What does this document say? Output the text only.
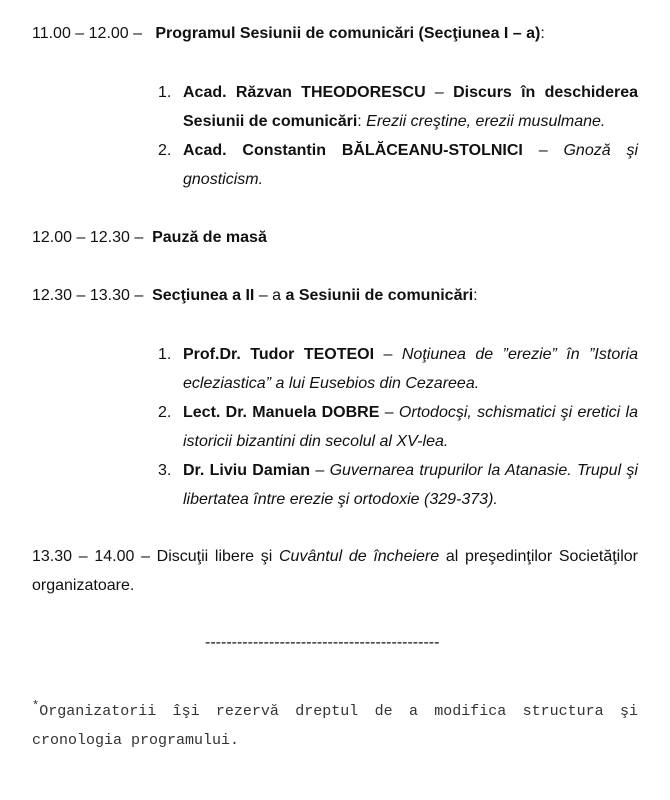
11.00 – 12.00 – Programul Sesiunii de comunicări (Secţiunea I – a):
1. Acad. Răzvan THEODORESCU – Discurs în deschiderea Sesiunii de comunicări: Erezii creştine, erezii musulmane.
2. Acad. Constantin BĂLĂCEANU-STOLNICI – Gnoză şi gnosticism.
12.00 – 12.30 – Pauză de masă
12.30 – 13.30 – Secţiunea a II – a a Sesiunii de comunicări:
1. Prof.Dr. Tudor TEOTEOI – Noţiunea de ”erezie” în ”Istoria ecleziastica” a lui Eusebios din Cezareea.
2. Lect. Dr. Manuela DOBRE – Ortodocşi, schismatici şi eretici la istoricii bizantini din secolul al XV-lea.
3. Dr. Liviu Damian – Guvernarea trupurilor la Atanasie. Trupul şi libertatea între erezie şi ortodoxie (329-373).
13.30 – 14.00 – Discuţii libere şi Cuvântul de încheiere al preşedinţilor Societăţilor organizatoare.
--------------------------------------------
*Organizatorii îşi rezervă dreptul de a modifica structura şi cronologia programului.
